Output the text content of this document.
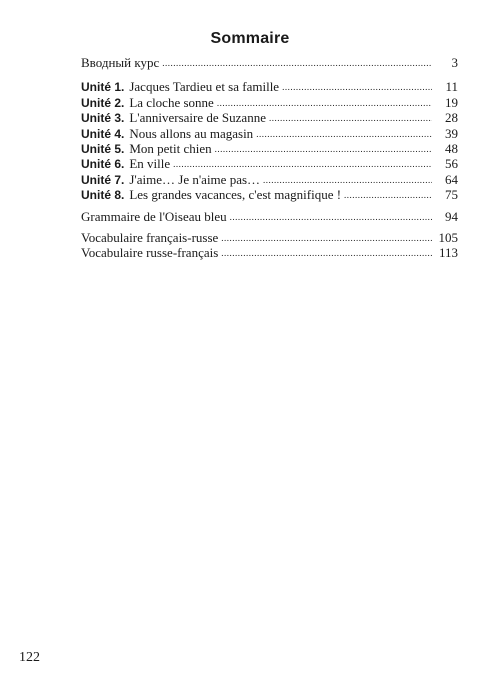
Sommaire
Вводный курс .....	3
Unité 1. Jacques Tardieu et sa famille .....	11
Unité 2. La cloche sonne .....	19
Unité 3. L'anniversaire de Suzanne .....	28
Unité 4. Nous allons au magasin .....	39
Unité 5. Mon petit chien .....	48
Unité 6. En ville .....	56
Unité 7. J'aime… Je n'aime pas… .....	64
Unité 8. Les grandes vacances, c'est magnifique ! .....	75
Grammaire de l'Oiseau bleu .....	94
Vocabulaire français-russe .....	105
Vocabulaire russe-français .....	113
122
